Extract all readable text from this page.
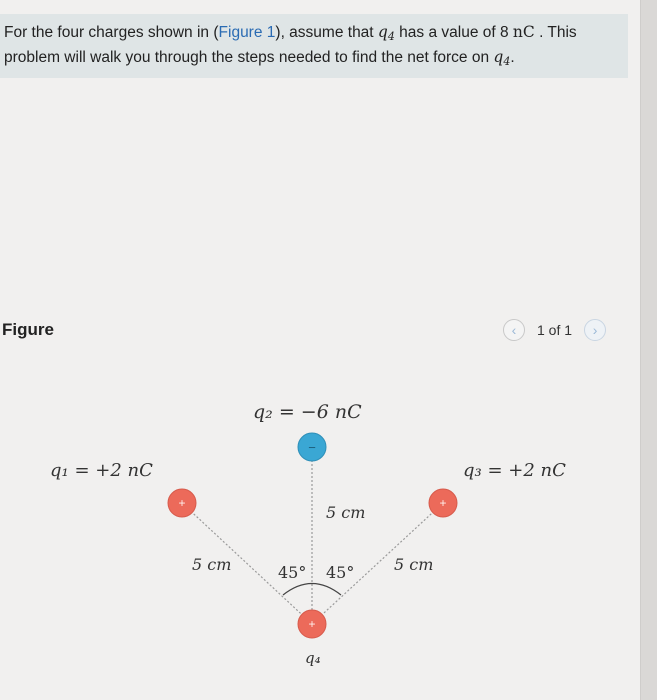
For the four charges shown in (Figure 1), assume that $q_4$ has a value of 8 nC . This
problem will walk you through the steps needed to find the net force on $q_4$.
Figure	‹ 1 of 1 ›
−
+	+
+
q₂ = −6 nC
q₁ = +2 nC	q₃ = +2 nC
q₄
5 cm
5 cm	5 cm
45° 45°
